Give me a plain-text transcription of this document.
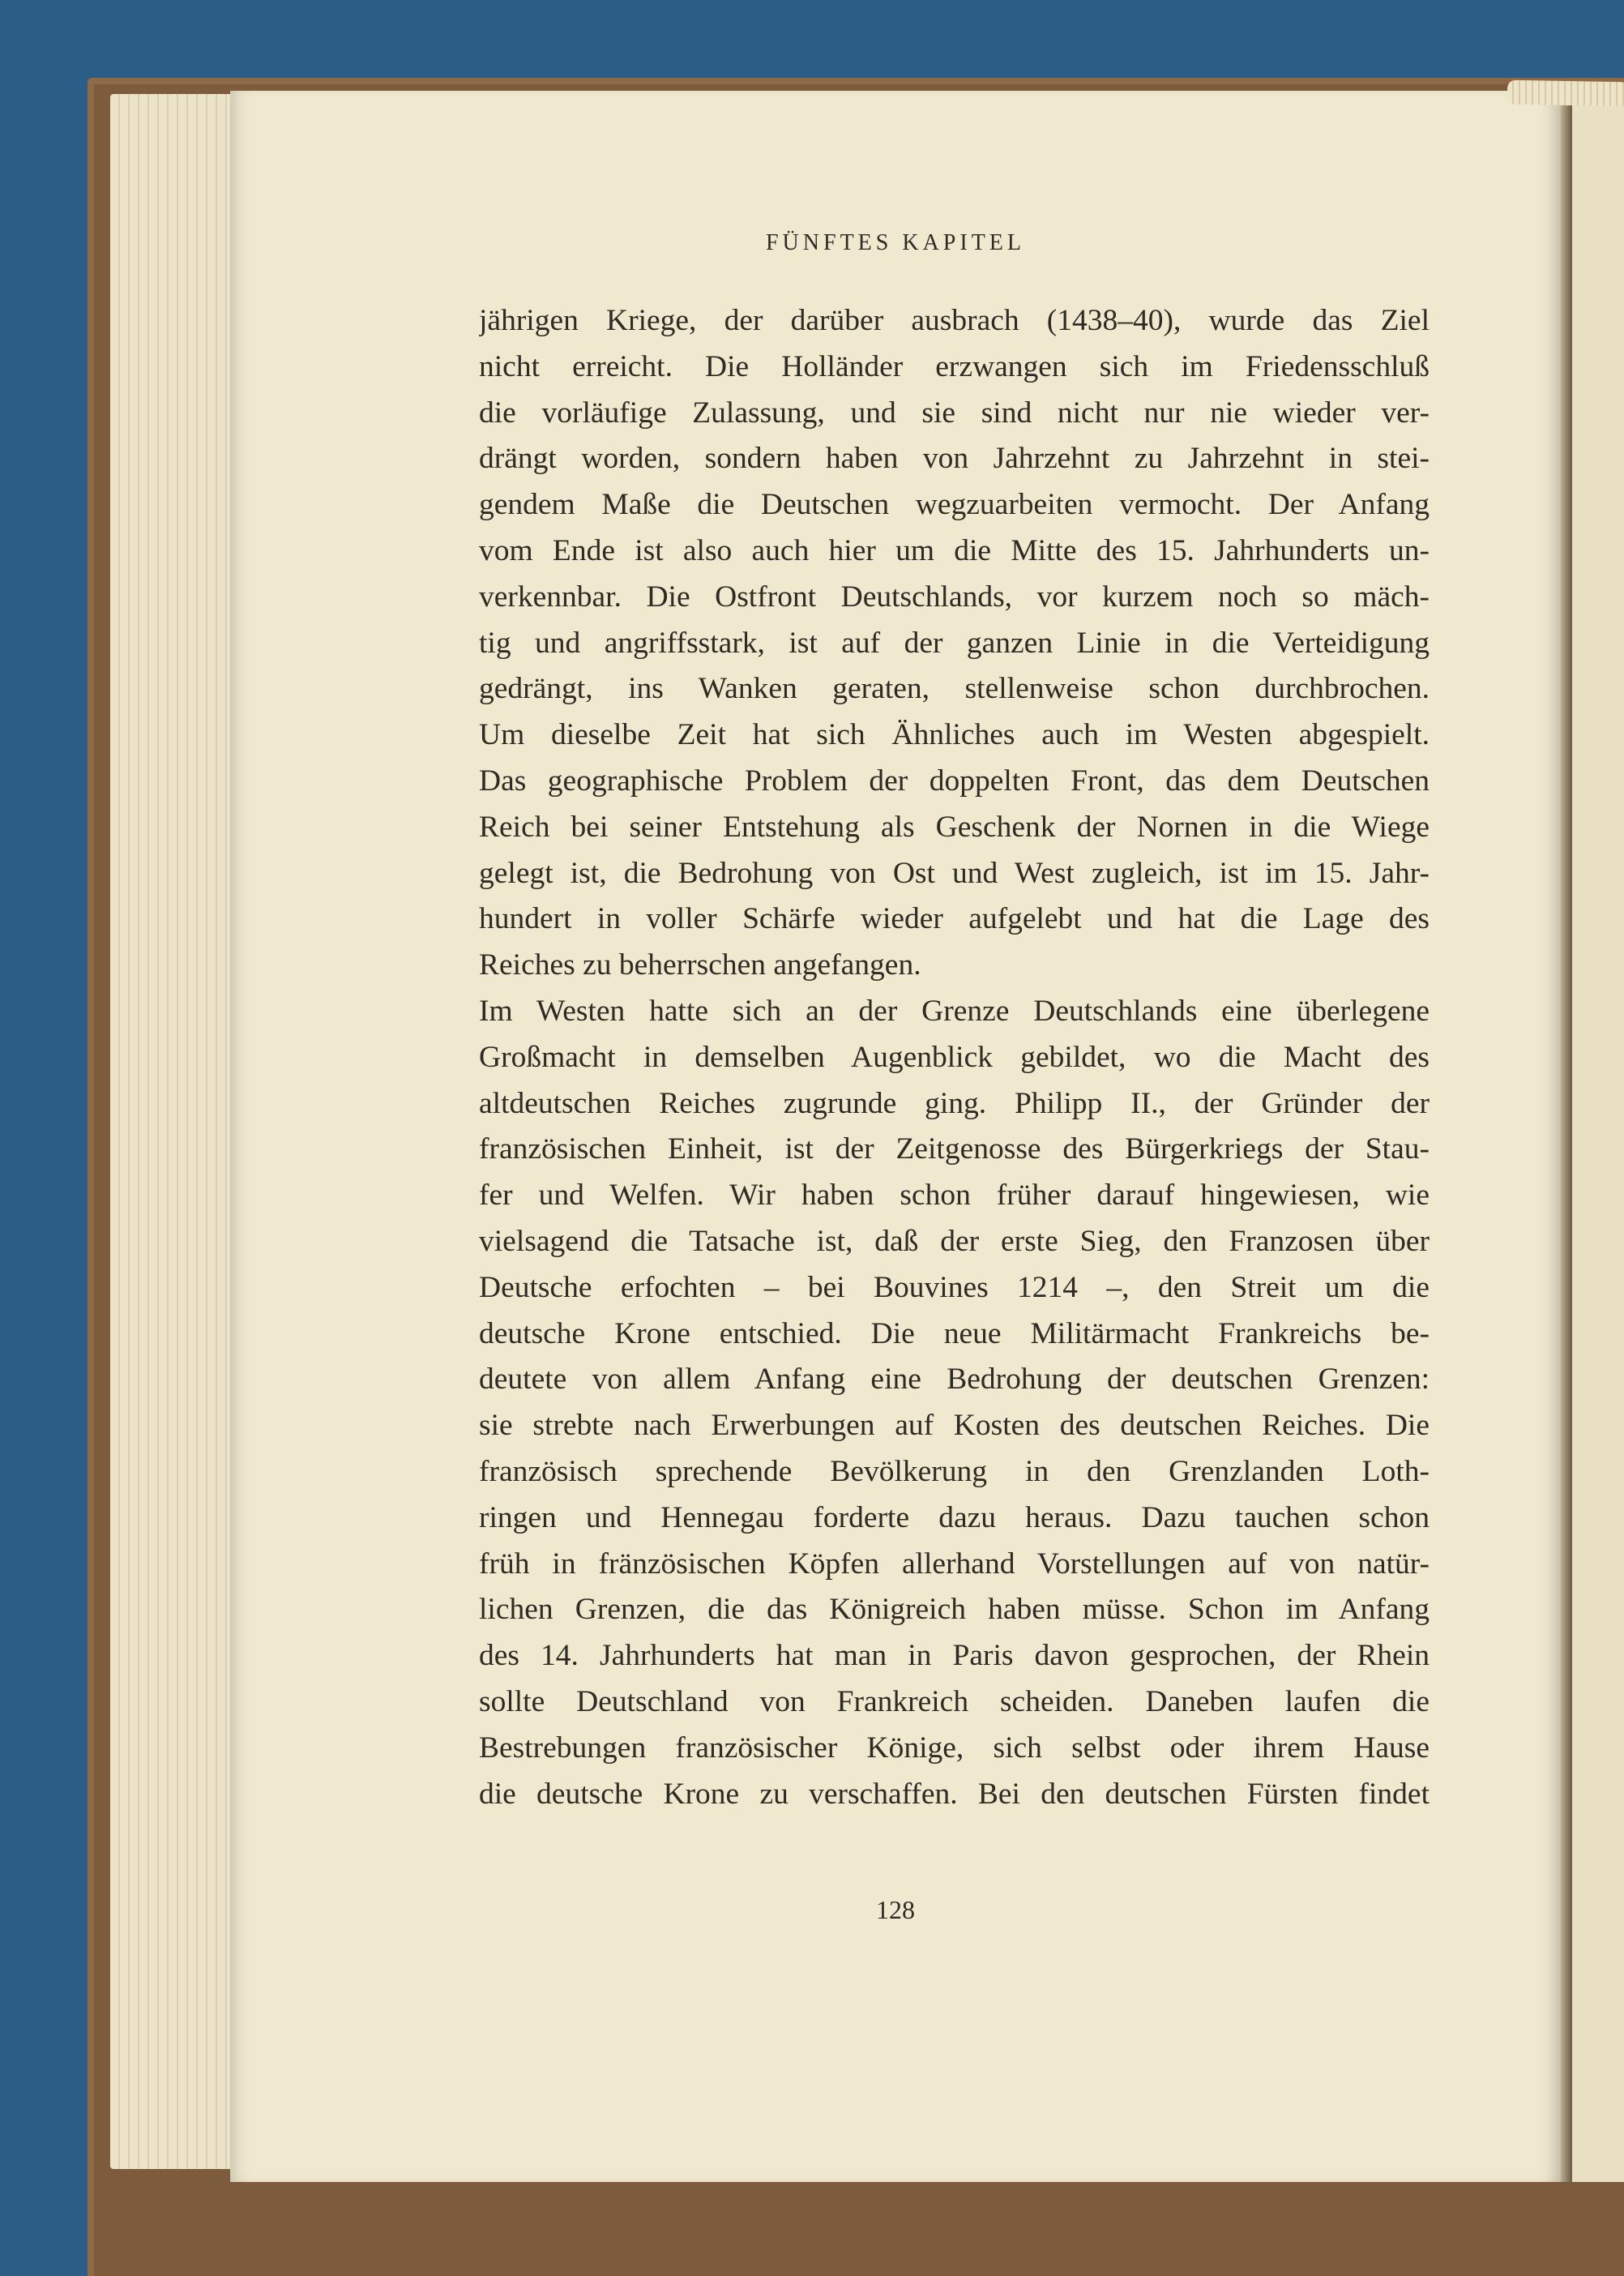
FÜNFTES KAPITEL
jährigen Kriege, der darüber ausbrach (1438–40), wurde das Ziel
nicht erreicht. Die Holländer erzwangen sich im Friedensschluß
die vorläufige Zulassung, und sie sind nicht nur nie wieder ver-
drängt worden, sondern haben von Jahrzehnt zu Jahrzehnt in stei-
gendem Maße die Deutschen wegzuarbeiten vermocht. Der Anfang
vom Ende ist also auch hier um die Mitte des 15. Jahrhunderts un-
verkennbar. Die Ostfront Deutschlands, vor kurzem noch so mäch-
tig und angriffsstark, ist auf der ganzen Linie in die Verteidigung
gedrängt, ins Wanken geraten, stellenweise schon durchbrochen.
Um dieselbe Zeit hat sich Ähnliches auch im Westen abgespielt.
Das geographische Problem der doppelten Front, das dem Deutschen
Reich bei seiner Entstehung als Geschenk der Nornen in die Wiege
gelegt ist, die Bedrohung von Ost und West zugleich, ist im 15. Jahr-
hundert in voller Schärfe wieder aufgelebt und hat die Lage des
Reiches zu beherrschen angefangen.
Im Westen hatte sich an der Grenze Deutschlands eine überlegene
Großmacht in demselben Augenblick gebildet, wo die Macht des
altdeutschen Reiches zugrunde ging. Philipp II., der Gründer der
französischen Einheit, ist der Zeitgenosse des Bürgerkriegs der Stau-
fer und Welfen. Wir haben schon früher darauf hingewiesen, wie
vielsagend die Tatsache ist, daß der erste Sieg, den Franzosen über
Deutsche erfochten – bei Bouvines 1214 –, den Streit um die
deutsche Krone entschied. Die neue Militärmacht Frankreichs be-
deutete von allem Anfang eine Bedrohung der deutschen Grenzen:
sie strebte nach Erwerbungen auf Kosten des deutschen Reiches. Die
französisch sprechende Bevölkerung in den Grenzlanden Loth-
ringen und Hennegau forderte dazu heraus. Dazu tauchen schon
früh in fränzösischen Köpfen allerhand Vorstellungen auf von natür-
lichen Grenzen, die das Königreich haben müsse. Schon im Anfang
des 14. Jahrhunderts hat man in Paris davon gesprochen, der Rhein
sollte Deutschland von Frankreich scheiden. Daneben laufen die
Bestrebungen französischer Könige, sich selbst oder ihrem Hause
die deutsche Krone zu verschaffen. Bei den deutschen Fürsten findet
128
